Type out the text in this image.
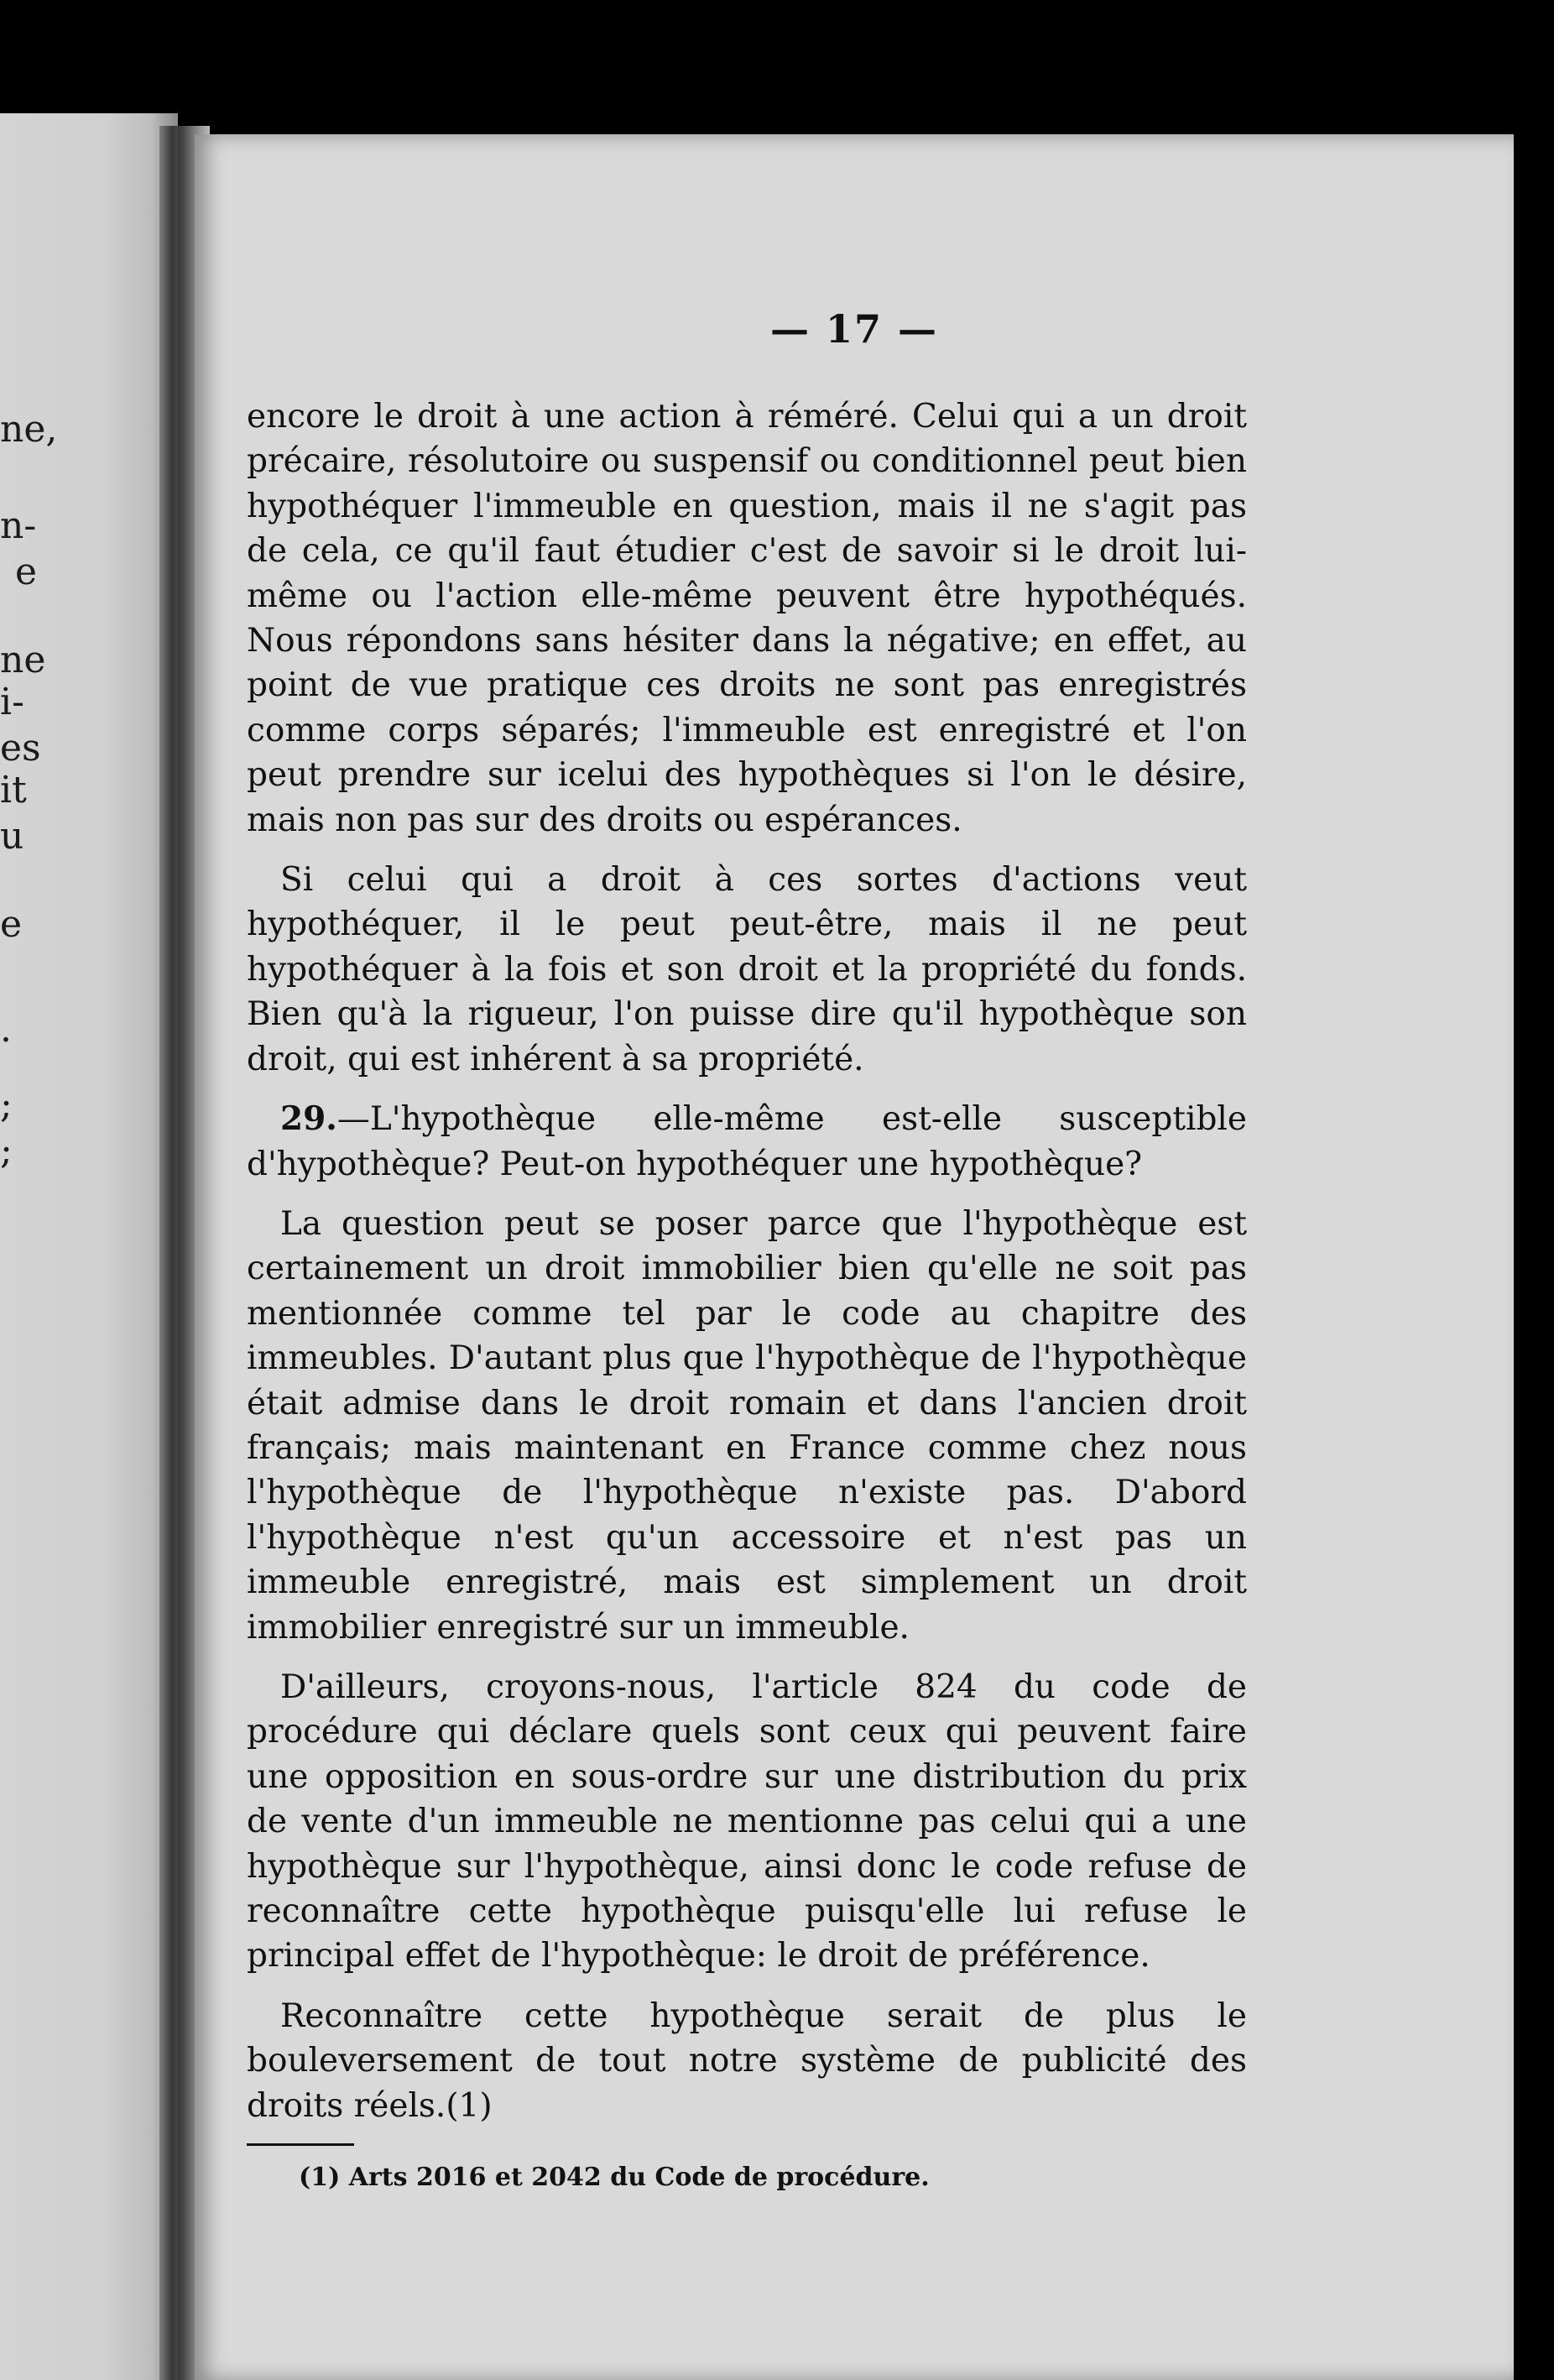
ne,
n-
e
ne
i-
es
it
u
e
.
;
;
— 17 —

encore le droit à une action à réméré. Celui qui a un droit précaire, résolutoire ou suspensif ou conditionnel peut bien hypothéquer l'immeuble en question, mais il ne s'agit pas de cela, ce qu'il faut étudier c'est de savoir si le droit lui-même ou l'action elle-même peuvent être hypothéqués. Nous répondons sans hésiter dans la négative; en effet, au point de vue pratique ces droits ne sont pas enregistrés comme corps séparés; l'immeuble est enregistré et l'on peut prendre sur icelui des hypothèques si l'on le désire, mais non pas sur des droits ou espérances.

Si celui qui a droit à ces sortes d'actions veut hypothéquer, il le peut peut-être, mais il ne peut hypothéquer à la fois et son droit et la propriété du fonds. Bien qu'à la rigueur, l'on puisse dire qu'il hypothèque son droit, qui est inhérent à sa propriété.

29.—L'hypothèque elle-même est-elle susceptible d'hypothèque? Peut-on hypothéquer une hypothèque?

La question peut se poser parce que l'hypothèque est certainement un droit immobilier bien qu'elle ne soit pas mentionnée comme tel par le code au chapitre des immeubles. D'autant plus que l'hypothèque de l'hypothèque était admise dans le droit romain et dans l'ancien droit français; mais maintenant en France comme chez nous l'hypothèque de l'hypothèque n'existe pas. D'abord l'hypothèque n'est qu'un accessoire et n'est pas un immeuble enregistré, mais est simplement un droit immobilier enregistré sur un immeuble.

D'ailleurs, croyons-nous, l'article 824 du code de procédure qui déclare quels sont ceux qui peuvent faire une opposition en sous-ordre sur une distribution du prix de vente d'un immeuble ne mentionne pas celui qui a une hypothèque sur l'hypothèque, ainsi donc le code refuse de reconnaître cette hypothèque puisqu'elle lui refuse le principal effet de l'hypothèque: le droit de préférence.

Reconnaître cette hypothèque serait de plus le bouleversement de tout notre système de publicité des droits réels.(1)

(1) Arts 2016 et 2042 du Code de procédure.
